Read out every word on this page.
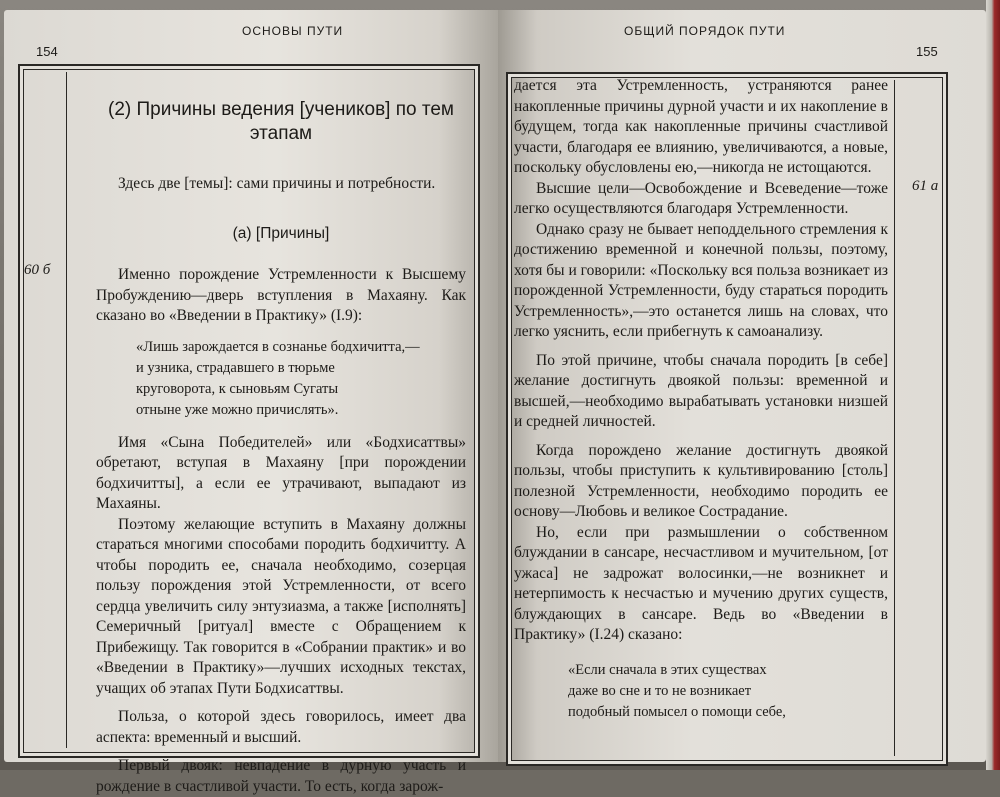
ОСНОВЫ ПУТИ
154
60 б
(2) Причины ведения [учеников] по тем этапам
Здесь две [темы]: сами причины и потребности.
(а) [Причины]

Именно порождение Устремленности к Высшему Пробуждению—дверь вступления в Махаяну. Как сказано во «Введении в Практику» (I.9):

«Лишь зарождается в сознанье бодхичитта,—
и узника, страдавшего в тюрьме
круговорота, к сыновьям Сугаты
отныне уже можно причислять».

Имя «Сына Победителей» или «Бодхисаттвы» обретают, вступая в Махаяну [при порождении бодхичитты], а если ее утрачивают, выпадают из Махаяны.

Поэтому желающие вступить в Махаяну должны стараться многими способами породить бодхичитту. А чтобы породить ее, сначала необходимо, созерцая пользу порождения этой Устремленности, от всего сердца увеличить силу энтузиазма, а также [исполнять] Семеричный [ритуал] вместе с Обращением к Прибежищу. Так говорится в «Собрании практик» и во «Введении в Практику»—лучших исходных текстах, учащих об этапах Пути Бодхисаттвы.

Польза, о которой здесь говорилось, имеет два аспекта: временный и высший.

Первый двояк: невпадение в дурную участь и рождение в счастливой участи. То есть, когда зарож-

ОБЩИЙ ПОРЯДОК ПУТИ
155
61 а

дается эта Устремленность, устраняются ранее накопленные причины дурной участи и их накопление в будущем, тогда как накопленные причины счастливой участи, благодаря ее влиянию, увеличиваются, а новые, поскольку обусловлены ею,—никогда не истощаются.

Высшие цели—Освобождение и Всеведение—тоже легко осуществляются благодаря Устремленности.

Однако сразу не бывает неподдельного стремления к достижению временной и конечной пользы, поэтому, хотя бы и говорили: «Поскольку вся польза возникает из порожденной Устремленности, буду стараться породить Устремленность»,—это останется лишь на словах, что легко уяснить, если прибегнуть к самоанализу.

По этой причине, чтобы сначала породить [в себе] желание достигнуть двоякой пользы: временной и высшей,—необходимо вырабатывать установки низшей и средней личностей.

Когда порождено желание достигнуть двоякой пользы, чтобы приступить к культивированию [столь] полезной Устремленности, необходимо породить ее основу—Любовь и великое Сострадание.

Но, если при размышлении о собственном блуждании в сансаре, несчастливом и мучительном, [от ужаса] не задрожат волосинки,—не возникнет и нетерпимость к несчастью и мучению других существ, блуждающих в сансаре. Ведь во «Введении в Практику» (I.24) сказано:

«Если сначала в этих существах
даже во сне и то не возникает
подобный помысел о помощи себе,
